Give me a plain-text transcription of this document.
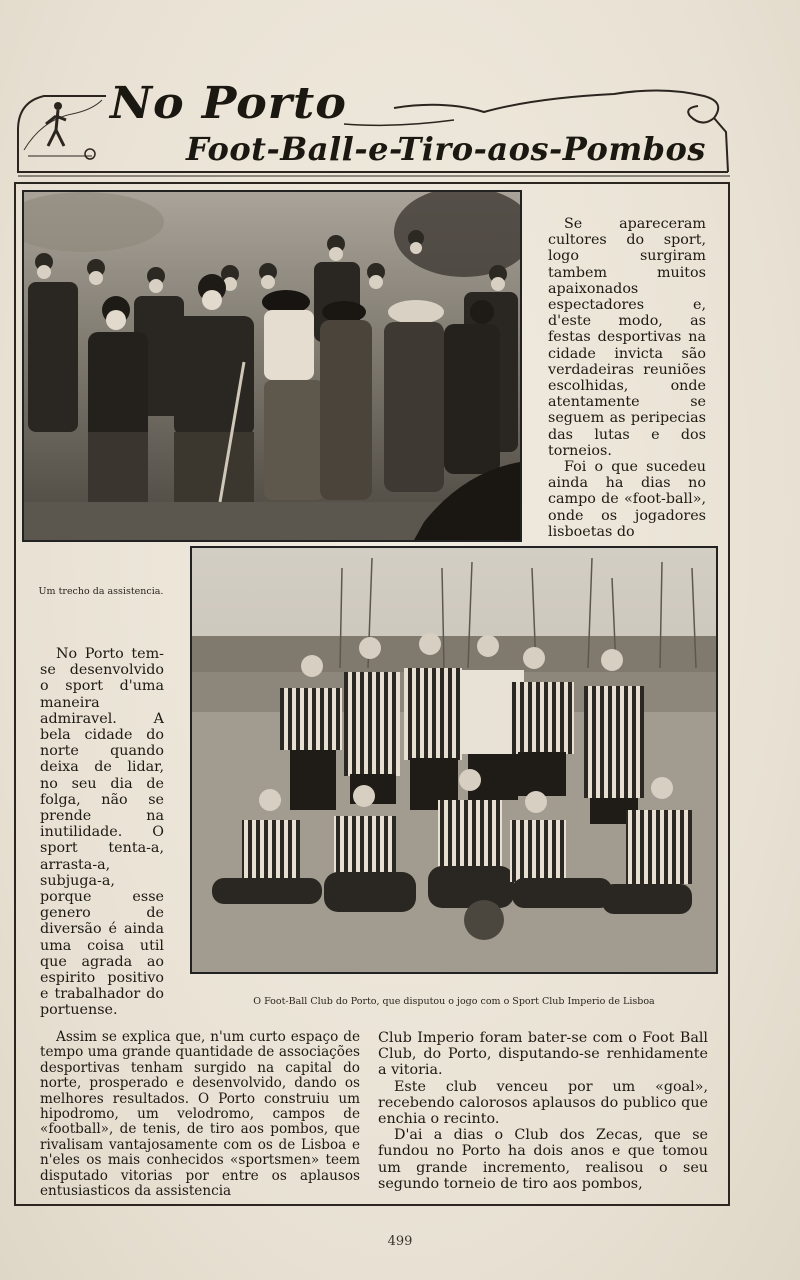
No Porto
Foot-Ball-e-Tiro-aos-Pombos
Um trecho da assistencia.
O Foot-Ball Club do Porto, que disputou o jogo com o Sport Club Imperio de Lisboa

Se apareceram cultores do sport, logo surgiram tambem muitos apaixonados espectadores e, d'este modo, as festas desportivas na cidade invicta são verdadeiras reuniões escolhidas, onde atentamente se seguem as peripecias das lutas e dos torneios.

Foi o que sucedeu ainda ha dias no campo de «foot-ball», onde os jogadores lisboetas do

No Porto tem-se desenvolvido o sport d'uma maneira admiravel. A bela cidade do norte quando deixa de lidar, no seu dia de folga, não se prende na inutilidade. O sport tenta-a, arrasta-a, subjuga-a, porque esse genero de diversão é ainda uma coisa util que agrada ao espirito positivo e trabalhador do portuense.

Assim se explica que, n'um curto espaço de tempo uma grande quantidade de associações desportivas tenham surgido na capital do norte, prosperado e desenvolvido, dando os melhores resultados. O Porto construiu um hipodromo, um velodromo, campos de «football», de tenis, de tiro aos pombos, que rivalisam vantajosamente com os de Lisboa e n'eles os mais conhecidos «sportsmen» teem disputado vitorias por entre os aplausos entusiasticos da assistencia

Club Imperio foram bater-se com o Foot Ball Club, do Porto, disputando-se renhidamente a vitoria.

Este club venceu por um «goal», recebendo calorosos aplausos do publico que enchia o recinto.

D'ai a dias o Club dos Zecas, que se fundou no Porto ha dois anos e que tomou um grande incremento, realisou o seu segundo torneio de tiro aos pombos,

499
